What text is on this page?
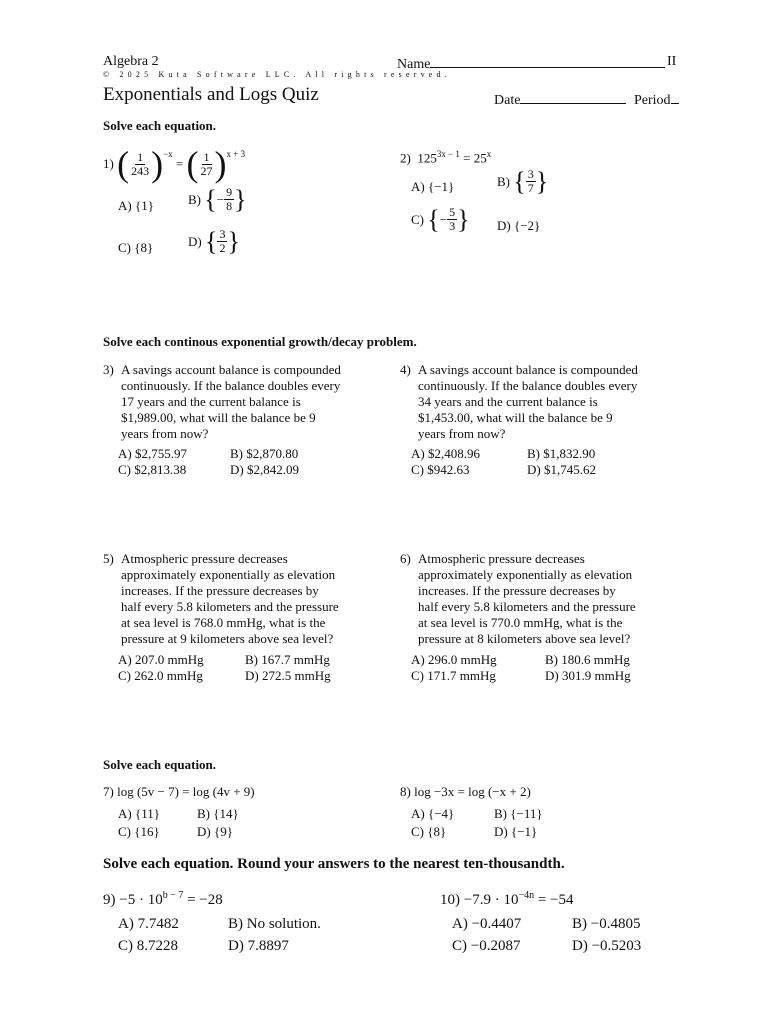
Algebra 2
© 2025 Kuta Software LLC. All rights reserved.
Exponentials and Logs Quiz
Name	II
Date	Period
Solve each equation.
1)
( $\frac{1}{243}$ ) −x
= ( $\frac{1}{27}$ ) x + 3
A) {1}	B)
{ − $\frac{9}{8}$ }
C) {8}	D)
{ $\frac{3}{2}$ }
2) $125^{3x - 1} = 25^x$
A) {−1}	B)
{ $\frac{3}{7}$ }
C)
{ − $\frac{5}{3}$ } D) {−2}
Solve each continous exponential growth/decay problem.
3) A savings account balance is compounded
continuously. If the balance doubles every
17 years and the current balance is
$1,989.00, what will the balance be 9
years from now?
A) $2,755.97	B) $2,870.80
C) $2,813.38	D) $2,842.09
4) A savings account balance is compounded
continuously. If the balance doubles every
34 years and the current balance is
$1,453.00, what will the balance be 9
years from now?
A) $2,408.96	B) $1,832.90
C) $942.63	D) $1,745.62
5) Atmospheric pressure decreases
approximately exponentially as elevation
increases. If the pressure decreases by
half every 5.8 kilometers and the pressure
at sea level is 768.0 mmHg, what is the
pressure at 9 kilometers above sea level?
A) 207.0 mmHg	B) 167.7 mmHg
C) 262.0 mmHg	D) 272.5 mmHg
6) Atmospheric pressure decreases
approximately exponentially as elevation
increases. If the pressure decreases by
half every 5.8 kilometers and the pressure
at sea level is 770.0 mmHg, what is the
pressure at 8 kilometers above sea level?
A) 296.0 mmHg	B) 180.6 mmHg
C) 171.7 mmHg	D) 301.9 mmHg
Solve each equation.
7) log (5v − 7) = log (4v + 9)
A) {11}	B) {14}
C) {16}	D) {9}
8) log −3x = log (−x + 2)
A) {−4}	B) {−11}
C) {8}	D) {−1}
Solve each equation. Round your answers to the nearest ten-thousandth.
$9) -5 \cdot 10^{b - 7} = -28$
A) 7.7482	B) No solution.
C) 8.7228	D) 7.8897
$10) -7.9 \cdot 10^{-4n} = -54$
A) −0.4407	B) −0.4805
C) −0.2087	D) −0.5203
